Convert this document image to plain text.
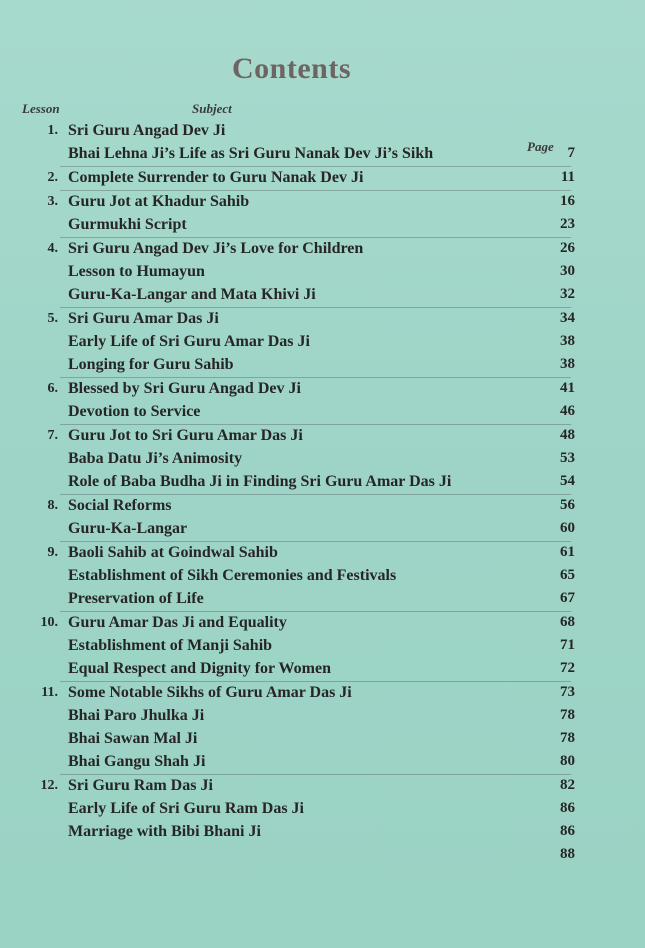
Contents
Lesson	Subject
Page
1. Sri Guru Angad Dev Ji
Bhai Lehna Ji’s Life as Sri Guru Nanak Dev Ji’s Sikh	7
2. Complete Surrender to Guru Nanak Dev Ji	11
3. Guru Jot at Khadur Sahib	16
Gurmukhi Script	23
4. Sri Guru Angad Dev Ji’s Love for Children	26
Lesson to Humayun	30
Guru-Ka-Langar and Mata Khivi Ji	32
5. Sri Guru Amar Das Ji	34
Early Life of Sri Guru Amar Das Ji	38
Longing for Guru Sahib	38
6. Blessed by Sri Guru Angad Dev Ji	41
Devotion to Service	46
7. Guru Jot to Sri Guru Amar Das Ji	48
Baba Datu Ji’s Animosity	53
Role of Baba Budha Ji in Finding Sri Guru Amar Das Ji	54
8. Social Reforms	56
Guru-Ka-Langar	60
9. Baoli Sahib at Goindwal Sahib	61
Establishment of Sikh Ceremonies and Festivals	65
Preservation of Life	67
10. Guru Amar Das Ji and Equality	68
Establishment of Manji Sahib	71
Equal Respect and Dignity for Women	72
11. Some Notable Sikhs of Guru Amar Das Ji	73
Bhai Paro Jhulka Ji	78
Bhai Sawan Mal Ji	78
Bhai Gangu Shah Ji	80
12. Sri Guru Ram Das Ji	82
Early Life of Sri Guru Ram Das Ji	86
Marriage with Bibi Bhani Ji	86
88
